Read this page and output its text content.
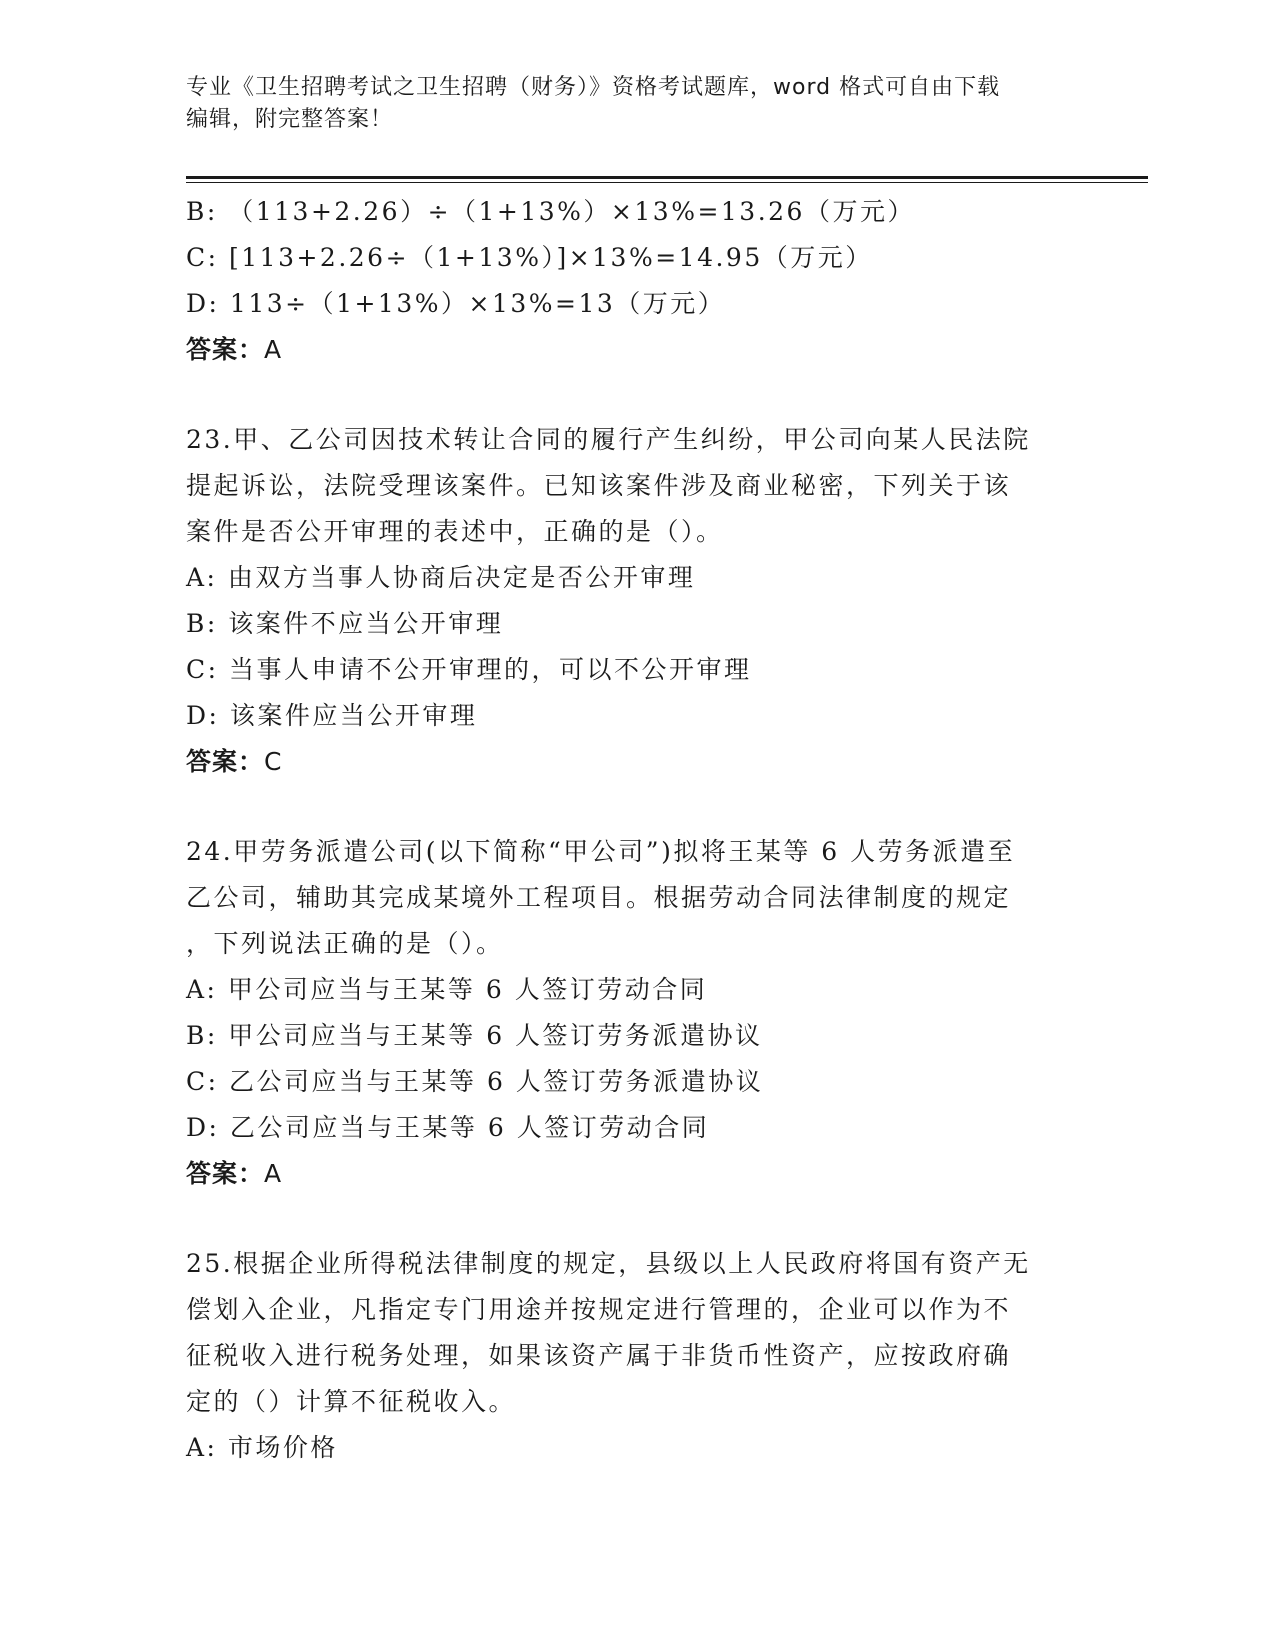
专业《卫生招聘考试之卫生招聘（财务）》资格考试题库，word 格式可自由下载
编辑，附完整答案！
B: （113+2.26）÷（1+13%）×13%=13.26（万元）
C: [113+2.26÷（1+13%）]×13%=14.95（万元）
D: 113÷（1+13%）×13%=13（万元）
答案：A
23.甲、乙公司因技术转让合同的履行产生纠纷，甲公司向某人民法院
提起诉讼，法院受理该案件。已知该案件涉及商业秘密，下列关于该
案件是否公开审理的表述中，正确的是（）。
A: 由双方当事人协商后决定是否公开审理
B: 该案件不应当公开审理
C: 当事人申请不公开审理的，可以不公开审理
D: 该案件应当公开审理
答案：C
24.甲劳务派遣公司(以下简称“甲公司”)拟将王某等 6 人劳务派遣至
乙公司，辅助其完成某境外工程项目。根据劳动合同法律制度的规定
，下列说法正确的是（）。
A: 甲公司应当与王某等 6 人签订劳动合同
B: 甲公司应当与王某等 6 人签订劳务派遣协议
C: 乙公司应当与王某等 6 人签订劳务派遣协议
D: 乙公司应当与王某等 6 人签订劳动合同
答案：A
25.根据企业所得税法律制度的规定，县级以上人民政府将国有资产无
偿划入企业，凡指定专门用途并按规定进行管理的，企业可以作为不
征税收入进行税务处理，如果该资产属于非货币性资产，应按政府确
定的（）计算不征税收入。
A: 市场价格
